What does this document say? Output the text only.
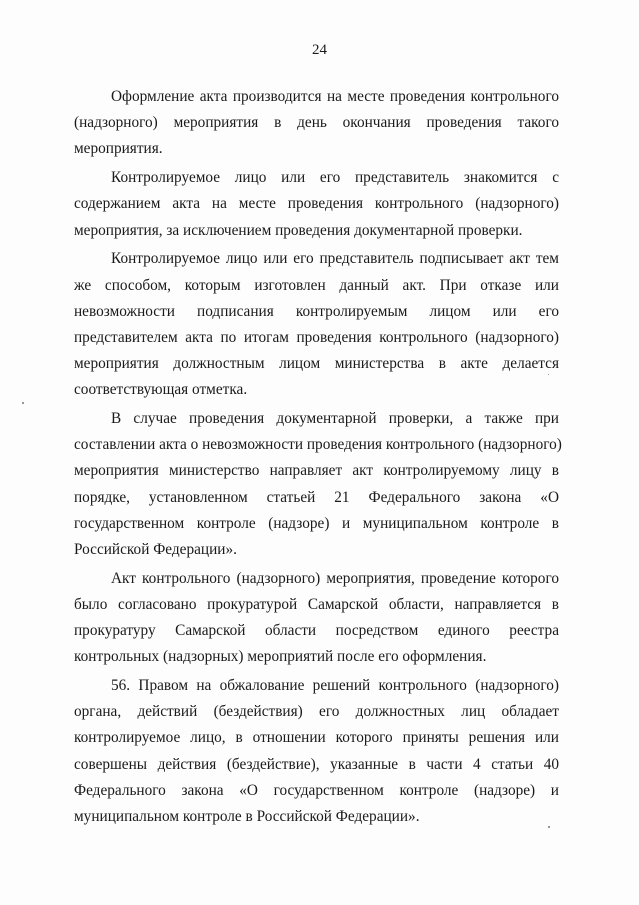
24
Оформление акта производится на месте проведения контрольного
(надзорного) мероприятия в день окончания проведения такого
мероприятия.
Контролируемое лицо или его представитель знакомится с
содержанием акта на месте проведения контрольного (надзорного)
мероприятия, за исключением проведения документарной проверки.
Контролируемое лицо или его представитель подписывает акт тем
же способом, которым изготовлен данный акт. При отказе или
невозможности подписания контролируемым лицом или его
представителем акта по итогам проведения контрольного (надзорного)
мероприятия должностным лицом министерства в акте делается
соответствующая отметка.
В случае проведения документарной проверки, а также при
составлении акта о невозможности проведения контрольного (надзорного)
мероприятия министерство направляет акт контролируемому лицу в
порядке, установленном статьей 21 Федерального закона «О
государственном контроле (надзоре) и муниципальном контроле в
Российской Федерации».
Акт контрольного (надзорного) мероприятия, проведение которого
было согласовано прокуратурой Самарской области, направляется в
прокуратуру Самарской области посредством единого реестра
контрольных (надзорных) мероприятий после его оформления.
56. Правом на обжалование решений контрольного (надзорного)
органа, действий (бездействия) его должностных лиц обладает
контролируемое лицо, в отношении которого приняты решения или
совершены действия (бездействие), указанные в части 4 статьи 40
Федерального закона «О государственном контроле (надзоре) и
муниципальном контроле в Российской Федерации».
